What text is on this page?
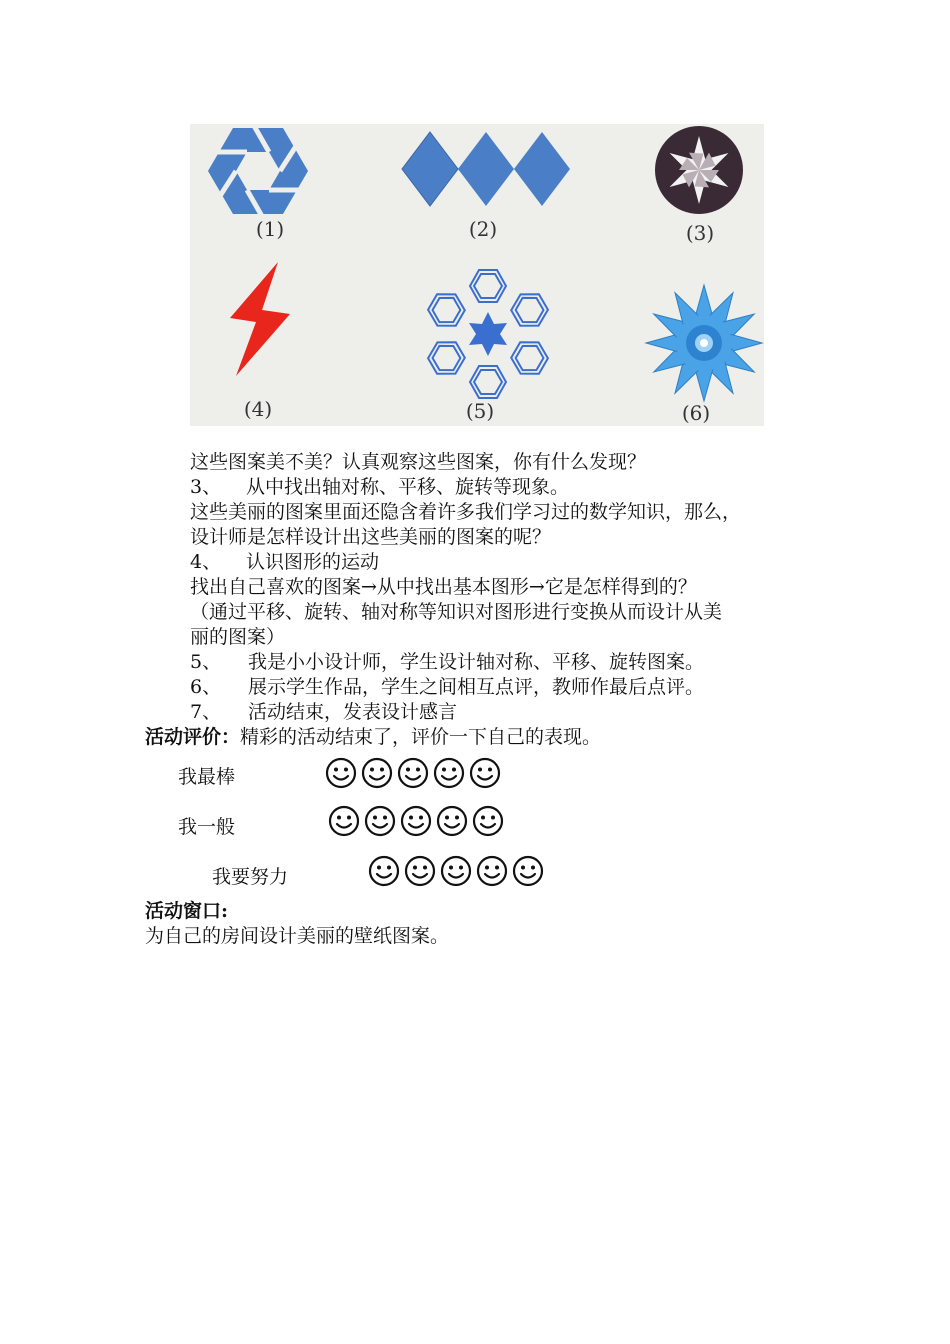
(1)	(2)	(3)
(4)	(5)	(6)
这些图案美不美？认真观察这些图案，你有什么发现？
3、 从中找出轴对称、平移、旋转等现象。
这些美丽的图案里面还隐含着许多我们学习过的数学知识，那么，
设计师是怎样设计出这些美丽的图案的呢？
4、 认识图形的运动
找出自己喜欢的图案→从中找出基本图形→它是怎样得到的？
（通过平移、旋转、轴对称等知识对图形进行变换从而设计从美
丽的图案）
5、 我是小小设计师，学生设计轴对称、平移、旋转图案。
6、 展示学生作品，学生之间相互点评，教师作最后点评。
7、 活动结束，发表设计感言
活动评价：精彩的活动结束了，评价一下自己的表现。
我最棒
我一般
我要努力
活动窗口:
为自己的房间设计美丽的壁纸图案。
